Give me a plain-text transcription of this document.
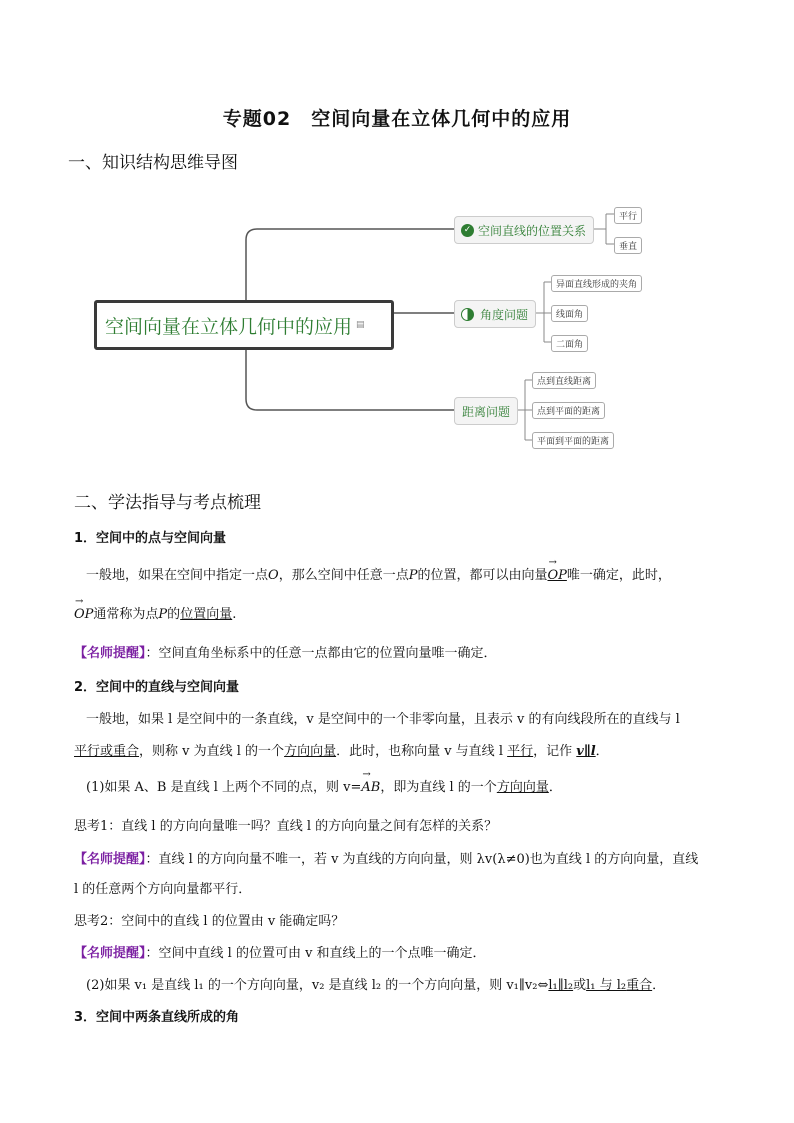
专题02　空间向量在立体几何中的应用
一、知识结构思维导图
空间向量在立体几何中的应用 ▤
✓ 空间直线的位置关系
平行
垂直
角度问题
异面直线形成的夹角
线面角
二面角
距离问题
点到直线距离
点到平面的距离
平面到平面的距离
二、学法指导与考点梳理
1．空间中的点与空间向量
一般地，如果在空间中指定一点O，那么空间中任意一点P的位置，都可以由向量→ OP唯一确定，此时，
→ OP通常称为点P的位置向量.
【名师提醒】：空间直角坐标系中的任意一点都由它的位置向量唯一确定．
2．空间中的直线与空间向量
一般地，如果 l 是空间中的一条直线，v 是空间中的一个非零向量，且表示 v 的有向线段所在的直线与 l
平行或重合，则称 v 为直线 l 的一个方向向量．此时，也称向量 v 与直线 l 平行，记作 v∥l．
(1)如果 A、B 是直线 l 上两个不同的点，则 v=→ AB，即为直线 l 的一个方向向量．
思考1：直线 l 的方向向量唯一吗？直线 l 的方向向量之间有怎样的关系？
【名师提醒】：直线 l 的方向向量不唯一，若 v 为直线的方向向量，则 λv(λ≠0)也为直线 l 的方向向量，直线
l 的任意两个方向向量都平行．
思考2：空间中的直线 l 的位置由 v 能确定吗？
【名师提醒】：空间中直线 l 的位置可由 v 和直线上的一个点唯一确定．
(2)如果 v₁ 是直线 l₁ 的一个方向向量，v₂ 是直线 l₂ 的一个方向向量，则 v₁∥v₂⇔l₁∥l₂或l₁ 与 l₂重合．
3．空间中两条直线所成的角
